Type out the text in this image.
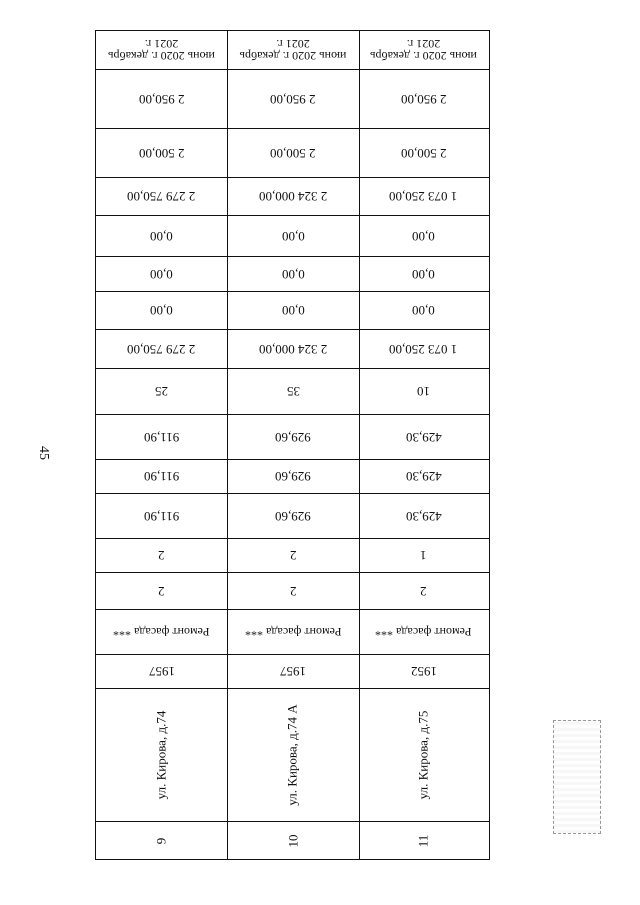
45
июнь 2020 г. декабрь 2021 г.
2 950,00
2 500,00
2 279 750,00
0,00
0,00
0,00
2 279 750,00
25
911,90
911,90
911,90
2
2
Ремонт фасада ***
1957
ул. Кирова, д.74
9
июнь 2020 г. декабрь 2021 г.
2 950,00
2 500,00
2 324 000,00
0,00
0,00
0,00
2 324 000,00
35
929,60
929,60
929,60
2
2
Ремонт фасада ***
1957
ул. Кирова, д.74 А
10
июнь 2020 г. декабрь 2021 г.
2 950,00
2 500,00
1 073 250,00
0,00
0,00
0,00
1 073 250,00
10
429,30
429,30
429,30
1
2
Ремонт фасада ***
1952
ул. Кирова, д.75
11
